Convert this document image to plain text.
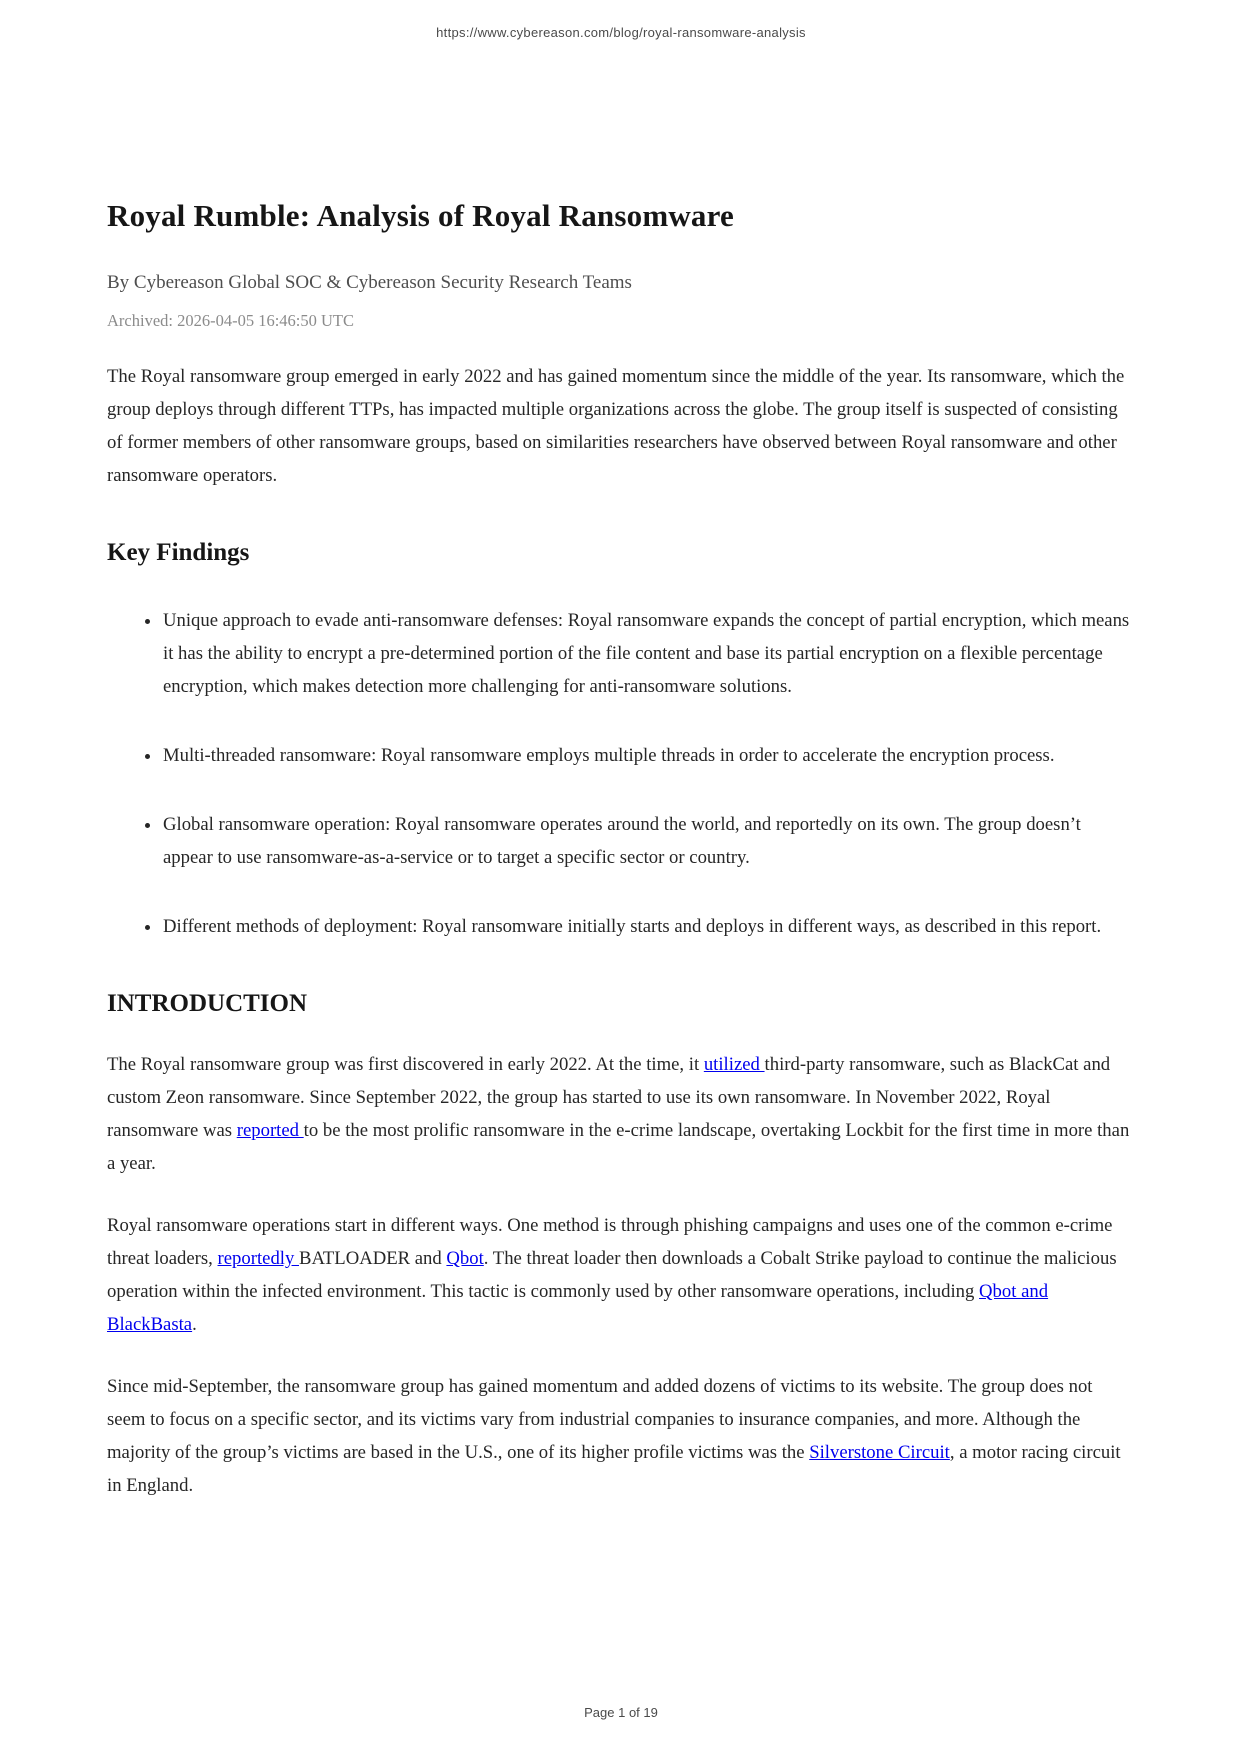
https://www.cybereason.com/blog/royal-ransomware-analysis
Royal Rumble: Analysis of Royal Ransomware

By Cybereason Global SOC & Cybereason Security Research Teams

Archived: 2026-04-05 16:46:50 UTC

The Royal ransomware group emerged in early 2022 and has gained momentum since the middle of the year. Its ransomware, which the group deploys through different TTPs, has impacted multiple organizations across the globe. The group itself is suspected of consisting of former members of other ransomware groups, based on similarities researchers have observed between Royal ransomware and other ransomware operators.

Key Findings
• Unique approach to evade anti-ransomware defenses: Royal ransomware expands the concept of partial encryption, which means it has the ability to encrypt a pre-determined portion of the file content and base its partial encryption on a flexible percentage encryption, which makes detection more challenging for anti-ransomware solutions.
• Multi-threaded ransomware: Royal ransomware employs multiple threads in order to accelerate the encryption process.
• Global ransomware operation: Royal ransomware operates around the world, and reportedly on its own. The group doesn’t appear to use ransomware-as-a-service or to target a specific sector or country.
• Different methods of deployment: Royal ransomware initially starts and deploys in different ways, as described in this report.
INTRODUCTION

The Royal ransomware group was first discovered in early 2022. At the time, it utilized third-party ransomware, such as BlackCat and custom Zeon ransomware. Since September 2022, the group has started to use its own ransomware. In November 2022, Royal ransomware was reported to be the most prolific ransomware in the e-crime landscape, overtaking Lockbit for the first time in more than a year.

Royal ransomware operations start in different ways. One method is through phishing campaigns and uses one of the common e-crime threat loaders, reportedly BATLOADER and Qbot. The threat loader then downloads a Cobalt Strike payload to continue the malicious operation within the infected environment. This tactic is commonly used by other ransomware operations, including Qbot and BlackBasta.

Since mid-September, the ransomware group has gained momentum and added dozens of victims to its website. The group does not seem to focus on a specific sector, and its victims vary from industrial companies to insurance companies, and more. Although the majority of the group’s victims are based in the U.S., one of its higher profile victims was the Silverstone Circuit, a motor racing circuit in England.

Page 1 of 19
